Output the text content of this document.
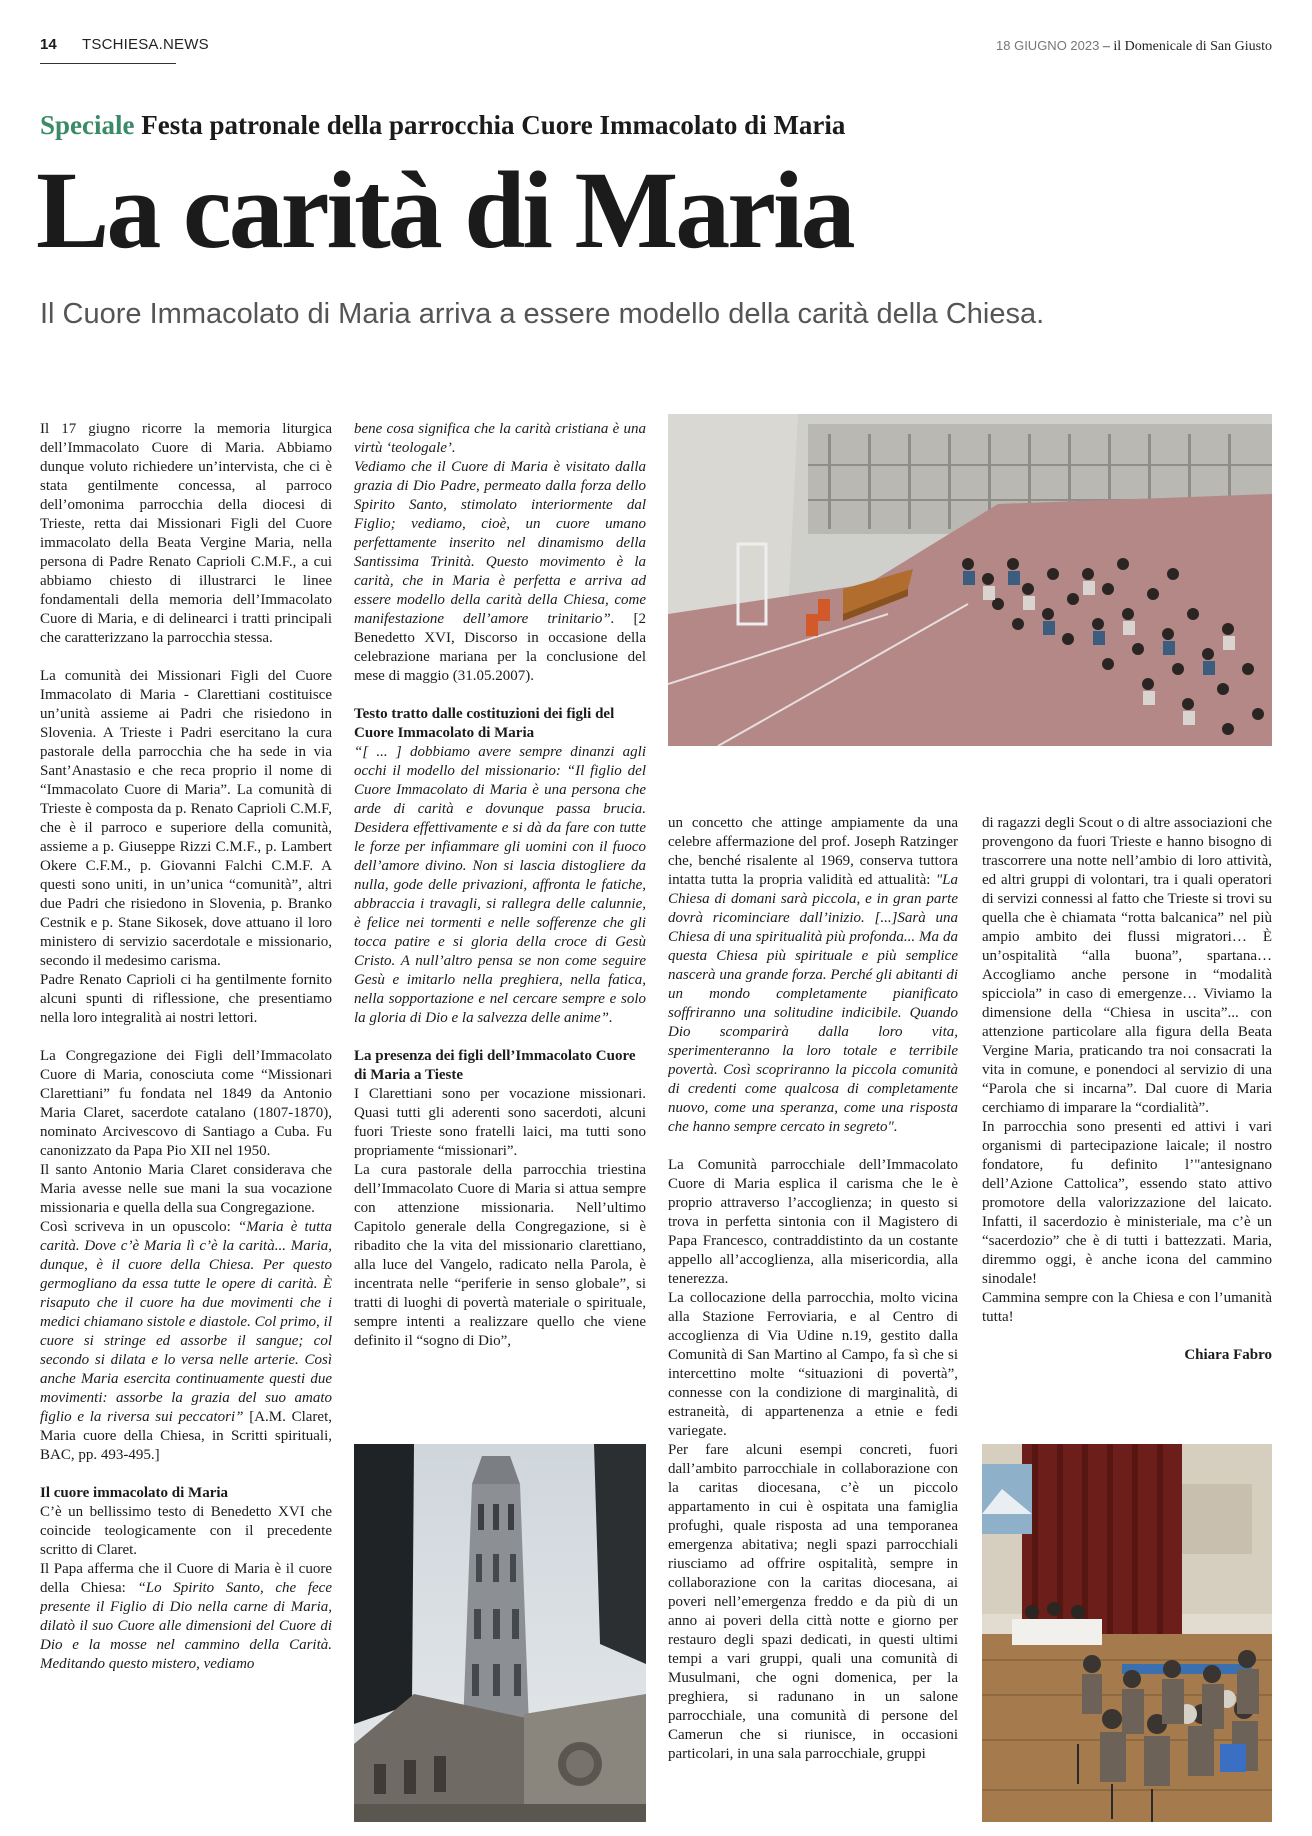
14 TSCHIESA.NEWS	18 GIUGNO 2023 – il Domenicale di San Giusto
Speciale Festa patronale della parrocchia Cuore Immacolato di Maria
La carità di Maria

Il Cuore Immacolato di Maria arriva a essere modello della carità della Chiesa.

Il 17 giugno ricorre la memoria liturgica dell’Immacolato Cuore di Maria. Abbiamo dunque voluto richiedere un’intervista, che ci è stata gentilmente concessa, al parroco dell’omonima parrocchia della diocesi di Trieste, retta dai Missionari Figli del Cuore immacolato della Beata Vergine Maria, nella persona di Padre Renato Caprioli C.M.F., a cui abbiamo chiesto di illustrarci le linee fondamentali della memoria dell’Immacolato Cuore di Maria, e di delinearci i tratti principali che caratterizzano la parrocchia stessa.

La comunità dei Missionari Figli del Cuore Immacolato di Maria - Clarettiani costituisce un’unità assieme ai Padri che risiedono in Slovenia. A Trieste i Padri esercitano la cura pastorale della parrocchia che ha sede in via Sant’Anastasio e che reca proprio il nome di “Immacolato Cuore di Maria”. La comunità di Trieste è composta da p. Renato Caprioli C.M.F, che è il parroco e superiore della comunità, assieme a p. Giuseppe Rizzi C.M.F., p. Lambert Okere C.F.M., p. Giovanni Falchi C.M.F. A questi sono uniti, in un’unica “comunità”, altri due Padri che risiedono in Slovenia, p. Branko Cestnik e p. Stane Sikosek, dove attuano il loro ministero di servizio sacerdotale e missionario, secondo il medesimo carisma.

Padre Renato Caprioli ci ha gentilmente fornito alcuni spunti di riflessione, che presentiamo nella loro integralità ai nostri lettori.

La Congregazione dei Figli dell’Immacolato Cuore di Maria, conosciuta come “Missionari Clarettiani” fu fondata nel 1849 da Antonio Maria Claret, sacerdote catalano (1807-1870), nominato Arcivescovo di Santiago a Cuba. Fu canonizzato da Papa Pio XII nel 1950.

Il santo Antonio Maria Claret considerava che Maria avesse nelle sue mani la sua vocazione missionaria e quella della sua Congregazione.

Così scriveva in un opuscolo: “Maria è tutta carità. Dove c’è Maria lì c’è la carità... Maria, dunque, è il cuore della Chiesa. Per questo germogliano da essa tutte le opere di carità. È risaputo che il cuore ha due movimenti che i medici chiamano sistole e diastole. Col primo, il cuore si stringe ed assorbe il sangue; col secondo si dilata e lo versa nelle arterie. Così anche Maria esercita continuamente questi due movimenti: assorbe la grazia del suo amato figlio e la riversa sui peccatori” [A.M. Claret, Maria cuore della Chiesa, in Scritti spirituali, BAC, pp. 493-495.]

Il cuore immacolato di Maria

C’è un bellissimo testo di Benedetto XVI che coincide teologicamente con il precedente scritto di Claret.

Il Papa afferma che il Cuore di Maria è il cuore della Chiesa: “Lo Spirito Santo, che fece presente il Figlio di Dio nella carne di Maria, dilatò il suo Cuore alle dimensioni del Cuore di Dio e la mosse nel cammino della Carità. Meditando questo mistero, vediamo

bene cosa significa che la carità cristiana è una virtù ‘teologale’.

Vediamo che il Cuore di Maria è visitato dalla grazia di Dio Padre, permeato dalla forza dello Spirito Santo, stimolato interiormente dal Figlio; vediamo, cioè, un cuore umano perfettamente inserito nel dinamismo della Santissima Trinità. Questo movimento è la carità, che in Maria è perfetta e arriva ad essere modello della carità della Chiesa, come manifestazione dell’amore trinitario”. [2 Benedetto XVI, Discorso in occasione della celebrazione mariana per la conclusione del mese di maggio (31.05.2007).

Testo tratto dalle costituzioni dei figli del Cuore Immacolato di Maria

“[ ... ] dobbiamo avere sempre dinanzi agli occhi il modello del missionario: “Il figlio del Cuore Immacolato di Maria è una persona che arde di carità e dovunque passa brucia. Desidera effettivamente e si dà da fare con tutte le forze per infiammare gli uomini con il fuoco dell’amore divino. Non si lascia distogliere da nulla, gode delle privazioni, affronta le fatiche, abbraccia i travagli, si rallegra delle calunnie, è felice nei tormenti e nelle sofferenze che gli tocca patire e si gloria della croce di Gesù Cristo. A null’altro pensa se non come seguire Gesù e imitarlo nella preghiera, nella fatica, nella sopportazione e nel cercare sempre e solo la gloria di Dio e la salvezza delle anime”.

La presenza dei figli dell’Immacolato Cuore di Maria a Tieste

I Clarettiani sono per vocazione missionari. Quasi tutti gli aderenti sono sacerdoti, alcuni fuori Trieste sono fratelli laici, ma tutti sono propriamente “missionari”.

La cura pastorale della parrocchia triestina dell’Immacolato Cuore di Maria si attua sempre con attenzione missionaria. Nell’ultimo Capitolo generale della Congregazione, si è ribadito che la vita del missionario clarettiano, alla luce del Vangelo, radicato nella Parola, è incentrata nelle “periferie in senso globale”, si tratti di luoghi di povertà materiale o spirituale, sempre intenti a realizzare quello che viene definito il “sogno di Dio”,

un concetto che attinge ampiamente da una celebre affermazione del prof. Joseph Ratzinger che, benché risalente al 1969, conserva tuttora intatta tutta la propria validità ed attualità: "La Chiesa di domani sarà piccola, e in gran parte dovrà ricominciare dall’inizio. [...]Sarà una Chiesa di una spiritualità più profonda... Ma da questa Chiesa più spirituale e più semplice nascerà una grande forza. Perché gli abitanti di un mondo completamente pianificato soffriranno una solitudine indicibile. Quando Dio scomparirà dalla loro vita, sperimenteranno la loro totale e terribile povertà. Così scopriranno la piccola comunità di credenti come qualcosa di completamente nuovo, come una speranza, come una risposta che hanno sempre cercato in segreto".

La Comunità parrocchiale dell’Immacolato Cuore di Maria esplica il carisma che le è proprio attraverso l’accoglienza; in questo si trova in perfetta sintonia con il Magistero di Papa Francesco, contraddistinto da un costante appello all’accoglienza, alla misericordia, alla tenerezza.

La collocazione della parrocchia, molto vicina alla Stazione Ferroviaria, e al Centro di accoglienza di Via Udine n.19, gestito dalla Comunità di San Martino al Campo, fa sì che si intercettino molte “situazioni di povertà”, connesse con la condizione di marginalità, di estraneità, di appartenenza a etnie e fedi variegate.

Per fare alcuni esempi concreti, fuori dall’ambito parrocchiale in collaborazione con la caritas diocesana, c’è un piccolo appartamento in cui è ospitata una famiglia profughi, quale risposta ad una temporanea emergenza abitativa; negli spazi parrocchiali riusciamo ad offrire ospitalità, sempre in collaborazione con la caritas diocesana, ai poveri nell’emergenza freddo e da più di un anno ai poveri della città notte e giorno per restauro degli spazi dedicati, in questi ultimi tempi a vari gruppi, quali una comunità di Musulmani, che ogni domenica, per la preghiera, si radunano in un salone parrocchiale, una comunità di persone del Camerun che si riunisce, in occasioni particolari, in una sala parrocchiale, gruppi

di ragazzi degli Scout o di altre associazioni che provengono da fuori Trieste e hanno bisogno di trascorrere una notte nell’ambio di loro attività, ed altri gruppi di volontari, tra i quali operatori di servizi connessi al fatto che Trieste si trovi su quella che è chiamata “rotta balcanica” nel più ampio ambito dei flussi migratori… È un’ospitalità “alla buona”, spartana… Accogliamo anche persone in “modalità spicciola” in caso di emergenze… Viviamo la dimensione della “Chiesa in uscita”... con attenzione particolare alla figura della Beata Vergine Maria, praticando tra noi consacrati la vita in comune, e ponendoci al servizio di una “Parola che si incarna”. Dal cuore di Maria cerchiamo di imparare la “cordialità”.

In parrocchia sono presenti ed attivi i vari organismi di partecipazione laicale; il nostro fondatore, fu definito l’"antesignano dell’Azione Cattolica”, essendo stato attivo promotore della valorizzazione del laicato. Infatti, il sacerdozio è ministeriale, ma c’è un “sacerdozio” che è di tutti i battezzati. Maria, diremmo oggi, è anche icona del cammino sinodale!

Cammina sempre con la Chiesa e con l’umanità tutta!

Chiara Fabro
